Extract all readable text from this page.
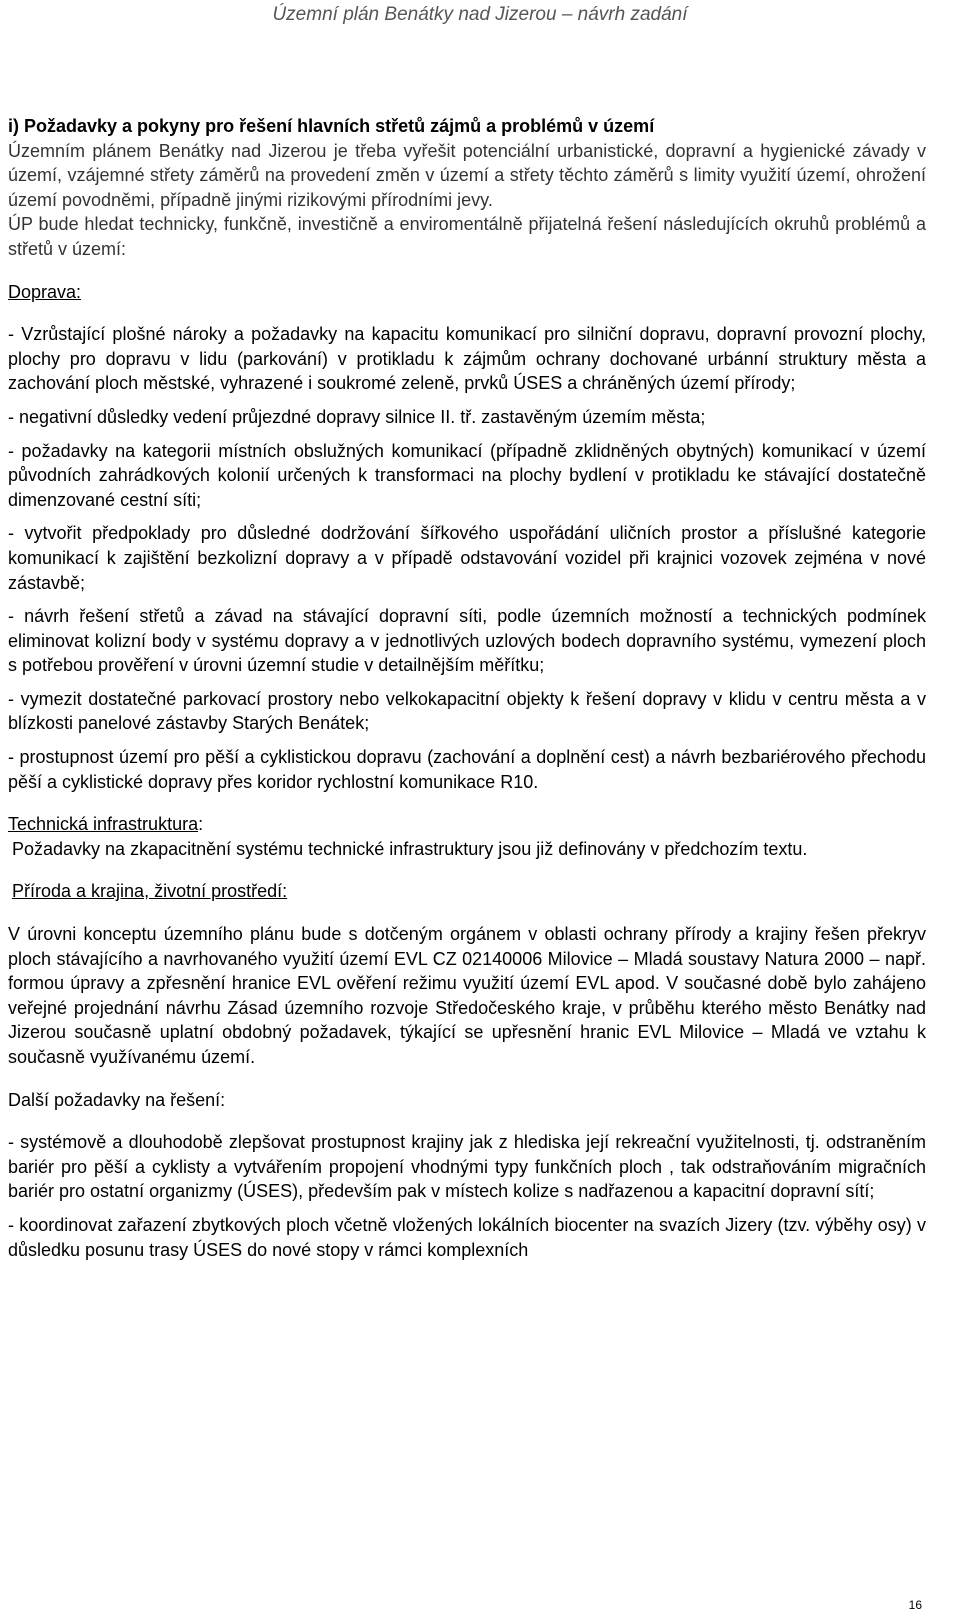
Územní plán Benátky nad Jizerou – návrh zadání

i) Požadavky a pokyny pro řešení hlavních střetů zájmů a problémů v území

Územním plánem Benátky nad Jizerou je třeba vyřešit potenciální urbanistické, dopravní a hygienické závady v území, vzájemné střety záměrů na provedení změn v území a střety těchto záměrů s limity využití území, ohrožení území povodněmi, případně jinými rizikovými přírodními jevy.

ÚP bude hledat technicky, funkčně, investičně a enviromentálně přijatelná řešení následujících okruhů problémů a střetů v území:

Doprava:

- Vzrůstající plošné nároky a požadavky na kapacitu komunikací pro silniční dopravu, dopravní provozní plochy, plochy pro dopravu v lidu (parkování) v protikladu k zájmům ochrany dochované urbánní struktury města a zachování ploch městské, vyhrazené i soukromé zeleně, prvků ÚSES a chráněných území přírody;

- negativní důsledky vedení průjezdné dopravy silnice II. tř. zastavěným územím města;

- požadavky na kategorii místních obslužných komunikací (případně zklidněných obytných) komunikací v území původních zahrádkových kolonií určených k transformaci na plochy bydlení v protikladu ke stávající dostatečně dimenzované cestní síti;

- vytvořit předpoklady pro důsledné dodržování šířkového uspořádání uličních prostor a příslušné kategorie komunikací k zajištění bezkolizní dopravy a v případě odstavování vozidel při krajnici vozovek zejména v nové zástavbě;

- návrh řešení střetů a závad na stávající dopravní síti, podle územních možností a technických podmínek eliminovat kolizní body v systému dopravy a v jednotlivých uzlových bodech dopravního systému, vymezení ploch s potřebou prověření v úrovni územní studie v detailnějším měřítku;

- vymezit dostatečné parkovací prostory nebo velkokapacitní objekty k řešení dopravy v klidu v centru města a v blízkosti panelové zástavby Starých Benátek;

- prostupnost území pro pěší a cyklistickou dopravu (zachování a doplnění cest) a návrh bezbariérového přechodu pěší a cyklistické dopravy přes koridor rychlostní komunikace R10.

Technická infrastruktura:

Požadavky na zkapacitnění systému technické infrastruktury jsou již definovány v předchozím textu.

Příroda a krajina, životní prostředí:

V úrovni konceptu územního plánu bude s dotčeným orgánem v oblasti ochrany přírody a krajiny řešen překryv ploch stávajícího a navrhovaného využití území EVL CZ 02140006 Milovice – Mladá soustavy Natura 2000 – např. formou úpravy a zpřesnění hranice EVL ověření režimu využití území EVL apod. V současné době bylo zahájeno veřejné projednání návrhu Zásad územního rozvoje Středočeského kraje, v průběhu kterého město Benátky nad Jizerou současně uplatní obdobný požadavek, týkající se upřesnění hranic EVL Milovice – Mladá ve vztahu k současně využívanému území.

Další požadavky na řešení:

- systémově a dlouhodobě zlepšovat prostupnost krajiny jak z hlediska její rekreační využitelnosti, tj. odstraněním bariér pro pěší a cyklisty a vytvářením propojení vhodnými typy funkčních ploch , tak odstraňováním migračních bariér pro ostatní organizmy (ÚSES), především pak v místech kolize s nadřazenou a kapacitní dopravní sítí;

- koordinovat zařazení zbytkových ploch včetně vložených lokálních biocenter na svazích Jizery (tzv. výběhy osy) v důsledku posunu trasy ÚSES do nové stopy v rámci komplexních

16
